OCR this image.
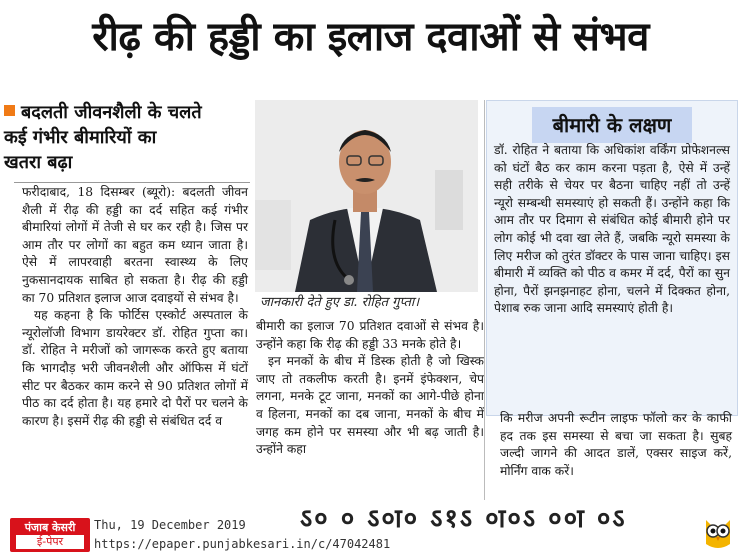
रीढ़ की हड्डी का इलाज दवाओं से संभव
बदलती जीवनशैली के चलते
कई गंभीर बीमारियों का
खतरा बढ़ा

फरीदाबाद, 18 दिसम्बर (ब्यूरो): बदलती जीवन शैली में रीढ़ की हड्डी का दर्द सहित कई गंभीर बीमारियां लोगों में तेजी से घर कर रही है। जिस पर आम तौर पर लोगों का बहुत कम ध्यान जाता है। ऐसे में लापरवाही बरतना स्वास्थ्य के लिए नुकसानदायक साबित हो सकता है। रीढ़ की हड्डी का 70 प्रतिशत इलाज आज दवाइयों से संभव है।

यह कहना है कि फोर्टिस एस्कोर्ट अस्पताल के न्यूरोलॉजी विभाग डायरेक्टर डॉ. रोहित गुप्ता का। डॉ. रोहित ने मरीजों को जागरूक करते हुए बताया कि भागदौड़ भरी जीवनशैली और ऑफिस में घंटों सीट पर बैठकर काम करने से 90 प्रतिशत लोगों में पीठ का दर्द होता है। यह हमारे दो पैरों पर चलने के कारण है। इसमें रीढ़ की हड्डी से संबंधित दर्द व

जानकारी देते हुए डा. रोहित गुप्ता।

बीमारी का इलाज 70 प्रतिशत दवाओं से संभव है। उन्होंने कहा कि रीढ़ की हड्डी 33 मनके होते है।

इन मनकों के बीच में डिस्क होती है जो खिस्क जाए तो तकलीफ करती है। इनमें इंफेक्शन, चेप लगना, मनके टूट जाना, मनकों का आगे-पीछे होना व हिलना, मनकों का दब जाना, मनकों के बीच में जगह कम होने पर समस्या और भी बढ़ जाती है। उन्होंने कहा

बीमारी के लक्षण

डॉ. रोहित ने बताया कि अधिकांश वर्किंग प्रोफेशनल्स को घंटों बैठ कर काम करना पड़ता है, ऐसे में उन्हें सही तरीके से चेयर पर बैठना चाहिए नहीं तो उन्हें न्यूरो सम्बन्धी समस्याएं हो सकती हैं। उन्होंने कहा कि आम तौर पर दिमाग से संबंधित कोई बीमारी होने पर लोग कोई भी दवा खा लेते हैं, जबकि न्यूरो समस्या के लिए मरीज को तुरंत डॉक्टर के पास जाना चाहिए। इस बीमारी में व्यक्ति को पीठ व कमर में दर्द, पैरों का सुन होना, पैरों झनझनाहट होना, चलने में दिक्कत होना, पेशाब रुक जाना आदि समस्याएं होती है।

कि मरीज अपनी रूटीन लाइफ फॉलो कर के काफी हद तक इस समस्या से बचा जा सकता है। सुबह जल्दी जागने की आदत डालें, एक्सर साइज करें, मोर्निंग वाक करें।

ऽ० ० ऽ०ा० ऽ१ऽ ०ा०ऽ ००ा ०ऽ
पंजाब केसरी
ई-पेपर
Thu, 19 December 2019
https://epaper.punjabkesari.in/c/47042481
